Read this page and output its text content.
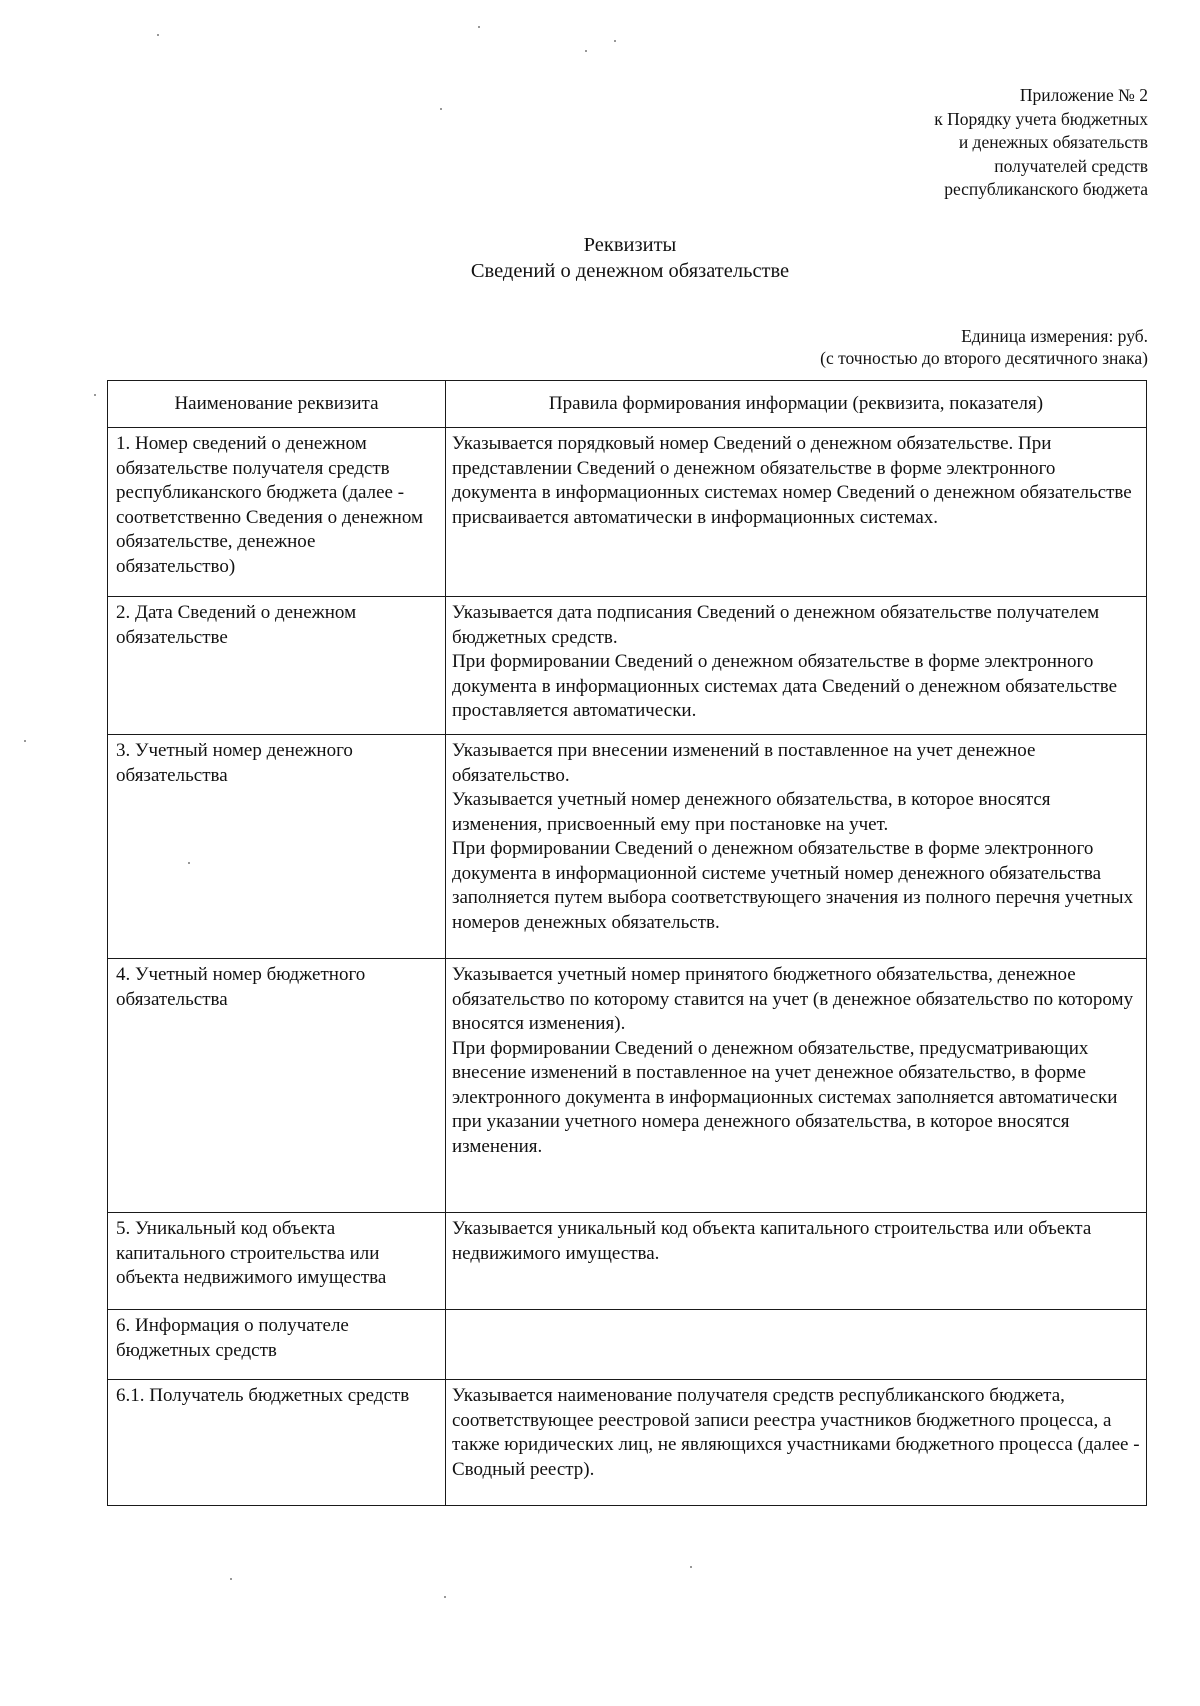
Приложение № 2
к Порядку учета бюджетных
и денежных обязательств
получателей средств
республиканского бюджета
Реквизиты
Сведений о денежном обязательстве
Единица измерения: руб.
(с точностью до второго десятичного знака)
Наименование реквизита	Правила формирования информации (реквизита, показателя)
1. Номер сведений о денежном обязательстве получателя средств республиканского бюджета (далее - соответственно Сведения о денежном обязательстве, денежное обязательство)	Указывается порядковый номер Сведений о денежном обязательстве. При представлении Сведений о денежном обязательстве в форме электронного документа в информационных системах номер Сведений о денежном обязательстве присваивается автоматически в информационных системах.
2. Дата Сведений о денежном обязательстве	Указывается дата подписания Сведений о денежном обязательстве получателем бюджетных средств.
При формировании Сведений о денежном обязательстве в форме электронного документа в информационных системах дата Сведений о денежном обязательстве проставляется автоматически.
3. Учетный номер денежного обязательства	Указывается при внесении изменений в поставленное на учет денежное обязательство.
Указывается учетный номер денежного обязательства, в которое вносятся изменения, присвоенный ему при постановке на учет.
При формировании Сведений о денежном обязательстве в форме электронного документа в информационной системе учетный номер денежного обязательства заполняется путем выбора соответствующего значения из полного перечня учетных номеров денежных обязательств.
4. Учетный номер бюджетного обязательства	Указывается учетный номер принятого бюджетного обязательства, денежное обязательство по которому ставится на учет (в денежное обязательство по которому вносятся изменения).
При формировании Сведений о денежном обязательстве, предусматривающих внесение изменений в поставленное на учет денежное обязательство, в форме электронного документа в информационных системах заполняется автоматически при указании учетного номера денежного обязательства, в которое вносятся изменения.
5. Уникальный код объекта капитального строительства или объекта недвижимого имущества	Указывается уникальный код объекта капитального строительства или объекта недвижимого имущества.
6. Информация о получателе бюджетных средств	
6.1. Получатель бюджетных средств	Указывается наименование получателя средств республиканского бюджета, соответствующее реестровой записи реестра участников бюджетного процесса, а также юридических лиц, не являющихся участниками бюджетного процесса (далее - Сводный реестр).
